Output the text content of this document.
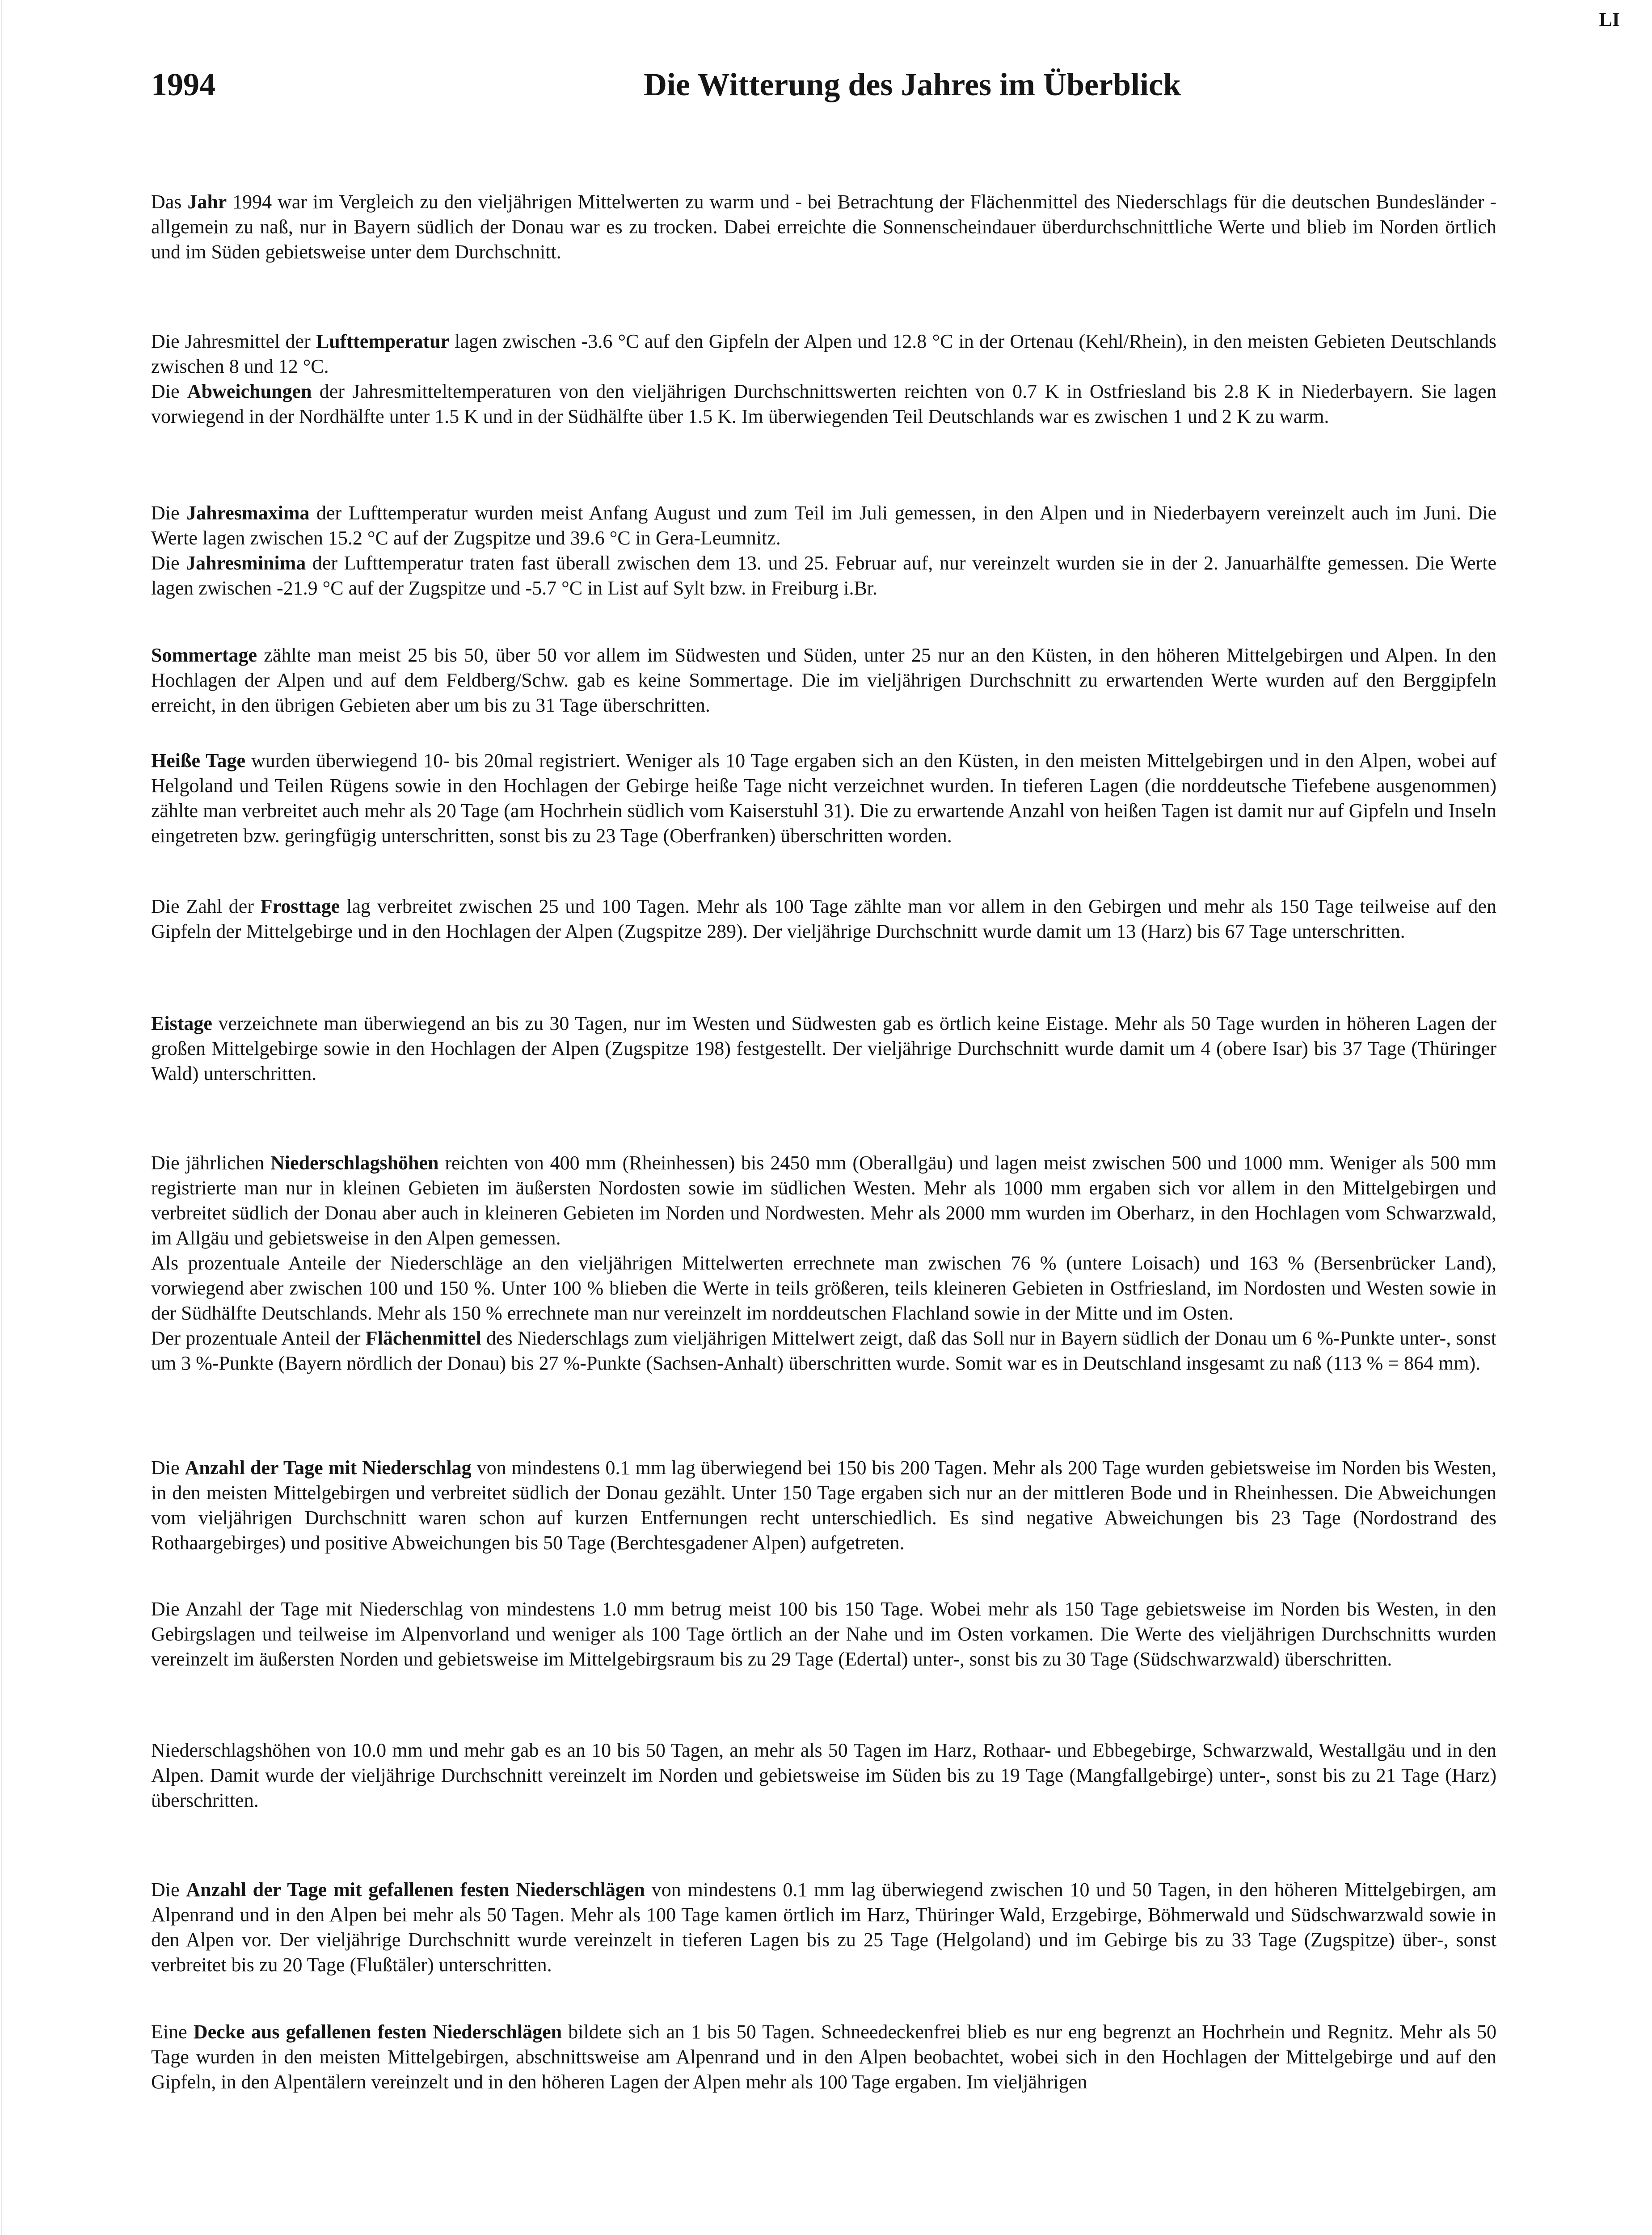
LI
1994	Die Witterung des Jahres im Überblick

Das Jahr 1994 war im Vergleich zu den vieljährigen Mittelwerten zu warm und - bei Betrachtung der Flächenmittel des Niederschlags für die deutschen Bundesländer - allgemein zu naß, nur in Bayern südlich der Donau war es zu trocken. Dabei erreichte die Sonnenscheindauer überdurchschnittliche Werte und blieb im Norden örtlich und im Süden gebietsweise unter dem Durchschnitt.

Die Jahresmittel der Lufttemperatur lagen zwischen -3.6 °C auf den Gipfeln der Alpen und 12.8 °C in der Ortenau (Kehl/Rhein), in den meisten Gebieten Deutschlands zwischen 8 und 12 °C.

Die Abweichungen der Jahresmitteltemperaturen von den vieljährigen Durchschnittswerten reichten von 0.7 K in Ostfriesland bis 2.8 K in Niederbayern. Sie lagen vorwiegend in der Nordhälfte unter 1.5 K und in der Südhälfte über 1.5 K. Im überwiegenden Teil Deutschlands war es zwischen 1 und 2 K zu warm.

Die Jahresmaxima der Lufttemperatur wurden meist Anfang August und zum Teil im Juli gemessen, in den Alpen und in Niederbayern vereinzelt auch im Juni. Die Werte lagen zwischen 15.2 °C auf der Zugspitze und 39.6 °C in Gera-Leumnitz.

Die Jahresminima der Lufttemperatur traten fast überall zwischen dem 13. und 25. Februar auf, nur vereinzelt wurden sie in der 2. Januarhälfte gemessen. Die Werte lagen zwischen -21.9 °C auf der Zugspitze und -5.7 °C in List auf Sylt bzw. in Freiburg i.Br.

Sommertage zählte man meist 25 bis 50, über 50 vor allem im Südwesten und Süden, unter 25 nur an den Küsten, in den höheren Mittelgebirgen und Alpen. In den Hochlagen der Alpen und auf dem Feldberg/Schw. gab es keine Sommertage. Die im vieljährigen Durchschnitt zu erwartenden Werte wurden auf den Berggipfeln erreicht, in den übrigen Gebieten aber um bis zu 31 Tage überschritten.

Heiße Tage wurden überwiegend 10- bis 20mal registriert. Weniger als 10 Tage ergaben sich an den Küsten, in den meisten Mittelgebirgen und in den Alpen, wobei auf Helgoland und Teilen Rügens sowie in den Hochlagen der Gebirge heiße Tage nicht verzeichnet wurden. In tieferen Lagen (die norddeutsche Tiefebene ausgenommen) zählte man verbreitet auch mehr als 20 Tage (am Hochrhein südlich vom Kaiserstuhl 31). Die zu erwartende Anzahl von heißen Tagen ist damit nur auf Gipfeln und Inseln eingetreten bzw. geringfügig unterschritten, sonst bis zu 23 Tage (Oberfranken) überschritten worden.

Die Zahl der Frosttage lag verbreitet zwischen 25 und 100 Tagen. Mehr als 100 Tage zählte man vor allem in den Gebirgen und mehr als 150 Tage teilweise auf den Gipfeln der Mittelgebirge und in den Hochlagen der Alpen (Zugspitze 289). Der vieljährige Durchschnitt wurde damit um 13 (Harz) bis 67 Tage unterschritten.

Eistage verzeichnete man überwiegend an bis zu 30 Tagen, nur im Westen und Südwesten gab es örtlich keine Eistage. Mehr als 50 Tage wurden in höheren Lagen der großen Mittelgebirge sowie in den Hochlagen der Alpen (Zugspitze 198) festgestellt. Der vieljährige Durchschnitt wurde damit um 4 (obere Isar) bis 37 Tage (Thüringer Wald) unterschritten.

Die jährlichen Niederschlagshöhen reichten von 400 mm (Rheinhessen) bis 2450 mm (Oberallgäu) und lagen meist zwischen 500 und 1000 mm. Weniger als 500 mm registrierte man nur in kleinen Gebieten im äußersten Nordosten sowie im südlichen Westen. Mehr als 1000 mm ergaben sich vor allem in den Mittelgebirgen und verbreitet südlich der Donau aber auch in kleineren Gebieten im Norden und Nordwesten. Mehr als 2000 mm wurden im Oberharz, in den Hochlagen vom Schwarzwald, im Allgäu und gebietsweise in den Alpen gemessen.

Als prozentuale Anteile der Niederschläge an den vieljährigen Mittelwerten errechnete man zwischen 76 % (untere Loisach) und 163 % (Bersenbrücker Land), vorwiegend aber zwischen 100 und 150 %. Unter 100 % blieben die Werte in teils größeren, teils kleineren Gebieten in Ostfriesland, im Nordosten und Westen sowie in der Südhälfte Deutschlands. Mehr als 150 % errechnete man nur vereinzelt im norddeutschen Flachland sowie in der Mitte und im Osten.

Der prozentuale Anteil der Flächenmittel des Niederschlags zum vieljährigen Mittelwert zeigt, daß das Soll nur in Bayern südlich der Donau um 6 %-Punkte unter-, sonst um 3 %-Punkte (Bayern nördlich der Donau) bis 27 %-Punkte (Sachsen-Anhalt) überschritten wurde. Somit war es in Deutschland insgesamt zu naß (113 % = 864 mm).

Die Anzahl der Tage mit Niederschlag von mindestens 0.1 mm lag überwiegend bei 150 bis 200 Tagen. Mehr als 200 Tage wurden gebietsweise im Norden bis Westen, in den meisten Mittelgebirgen und verbreitet südlich der Donau gezählt. Unter 150 Tage ergaben sich nur an der mittleren Bode und in Rheinhessen. Die Abweichungen vom vieljährigen Durchschnitt waren schon auf kurzen Entfernungen recht unterschiedlich. Es sind negative Abweichungen bis 23 Tage (Nordostrand des Rothaargebirges) und positive Abweichungen bis 50 Tage (Berchtesgadener Alpen) aufgetreten.

Die Anzahl der Tage mit Niederschlag von mindestens 1.0 mm betrug meist 100 bis 150 Tage. Wobei mehr als 150 Tage gebietsweise im Norden bis Westen, in den Gebirgslagen und teilweise im Alpenvorland und weniger als 100 Tage örtlich an der Nahe und im Osten vorkamen. Die Werte des vieljährigen Durchschnitts wurden vereinzelt im äußersten Norden und gebietsweise im Mittelgebirgsraum bis zu 29 Tage (Edertal) unter-, sonst bis zu 30 Tage (Südschwarzwald) überschritten.

Niederschlagshöhen von 10.0 mm und mehr gab es an 10 bis 50 Tagen, an mehr als 50 Tagen im Harz, Rothaar- und Ebbegebirge, Schwarzwald, Westallgäu und in den Alpen. Damit wurde der vieljährige Durchschnitt vereinzelt im Norden und gebietsweise im Süden bis zu 19 Tage (Mangfallgebirge) unter-, sonst bis zu 21 Tage (Harz) überschritten.

Die Anzahl der Tage mit gefallenen festen Niederschlägen von mindestens 0.1 mm lag überwiegend zwischen 10 und 50 Tagen, in den höheren Mittelgebirgen, am Alpenrand und in den Alpen bei mehr als 50 Tagen. Mehr als 100 Tage kamen örtlich im Harz, Thüringer Wald, Erzgebirge, Böhmerwald und Südschwarzwald sowie in den Alpen vor. Der vieljährige Durchschnitt wurde vereinzelt in tieferen Lagen bis zu 25 Tage (Helgoland) und im Gebirge bis zu 33 Tage (Zugspitze) über-, sonst verbreitet bis zu 20 Tage (Flußtäler) unterschritten.

Eine Decke aus gefallenen festen Niederschlägen bildete sich an 1 bis 50 Tagen. Schneedeckenfrei blieb es nur eng begrenzt an Hochrhein und Regnitz. Mehr als 50 Tage wurden in den meisten Mittelgebirgen, abschnittsweise am Alpenrand und in den Alpen beobachtet, wobei sich in den Hochlagen der Mittelgebirge und auf den Gipfeln, in den Alpentälern vereinzelt und in den höheren Lagen der Alpen mehr als 100 Tage ergaben. Im vieljährigen
